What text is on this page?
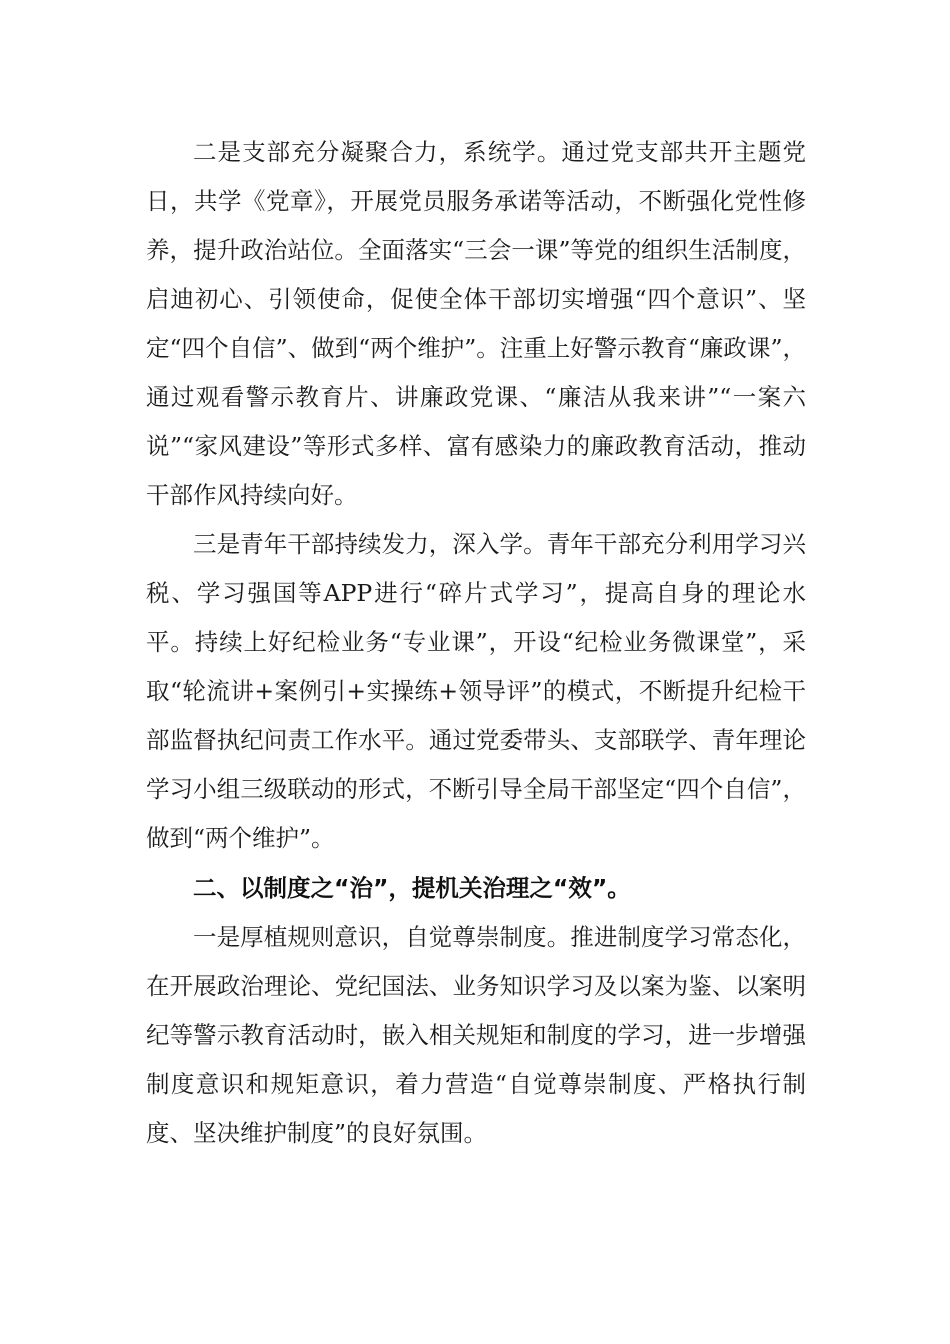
二是支部充分凝聚合力，系统学。通过党支部共开主题党日，共学《党章》，开展党员服务承诺等活动，不断强化党性修养，提升政治站位。全面落实“三会一课”等党的组织生活制度，启迪初心、引领使命，促使全体干部切实增强“四个意识”、坚定“四个自信”、做到“两个维护”。注重上好警示教育“廉政课”，通过观看警示教育片、讲廉政党课、“廉洁从我来讲”“一案六说”“家风建设”等形式多样、富有感染力的廉政教育活动，推动干部作风持续向好。

三是青年干部持续发力，深入学。青年干部充分利用学习兴税、学习强国等APP进行“碎片式学习”，提高自身的理论水平。持续上好纪检业务“专业课”，开设“纪检业务微课堂”，采取“轮流讲+案例引+实操练+领导评”的模式，不断提升纪检干部监督执纪问责工作水平。通过党委带头、支部联学、青年理论学习小组三级联动的形式，不断引导全局干部坚定“四个自信”，做到“两个维护”。

二、以制度之“治”，提机关治理之“效”。

一是厚植规则意识，自觉尊崇制度。推进制度学习常态化，在开展政治理论、党纪国法、业务知识学习及以案为鉴、以案明纪等警示教育活动时，嵌入相关规矩和制度的学习，进一步增强制度意识和规矩意识，着力营造“自觉尊崇制度、严格执行制度、坚决维护制度”的良好氛围。
